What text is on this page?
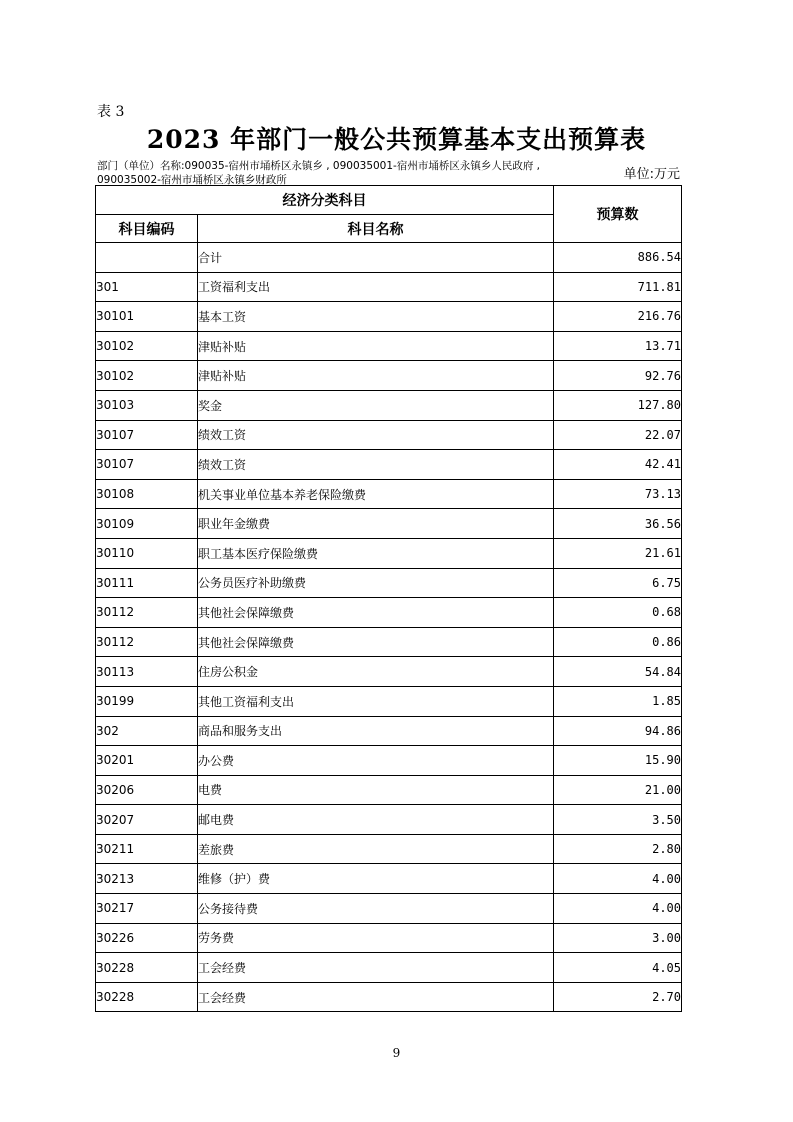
表 3
2023 年部门一般公共预算基本支出预算表
部门（单位）名称:090035-宿州市埇桥区永镇乡 , 090035001-宿州市埇桥区永镇乡人民政府 ,
090035002-宿州市埇桥区永镇乡财政所	单位:万元
经济分类科目		预算数
科目编码	科目名称	
	合计	886.54
301	工资福利支出	711.81
30101	基本工资	216.76
30102	津贴补贴	13.71
30102	津贴补贴	92.76
30103	奖金	127.80
30107	绩效工资	22.07
30107	绩效工资	42.41
30108	机关事业单位基本养老保险缴费	73.13
30109	职业年金缴费	36.56
30110	职工基本医疗保险缴费	21.61
30111	公务员医疗补助缴费	6.75
30112	其他社会保障缴费	0.68
30112	其他社会保障缴费	0.86
30113	住房公积金	54.84
30199	其他工资福利支出	1.85
302	商品和服务支出	94.86
30201	办公费	15.90
30206	电费	21.00
30207	邮电费	3.50
30211	差旅费	2.80
30213	维修（护）费	4.00
30217	公务接待费	4.00
30226	劳务费	3.00
30228	工会经费	4.05
30228	工会经费	2.70
9
